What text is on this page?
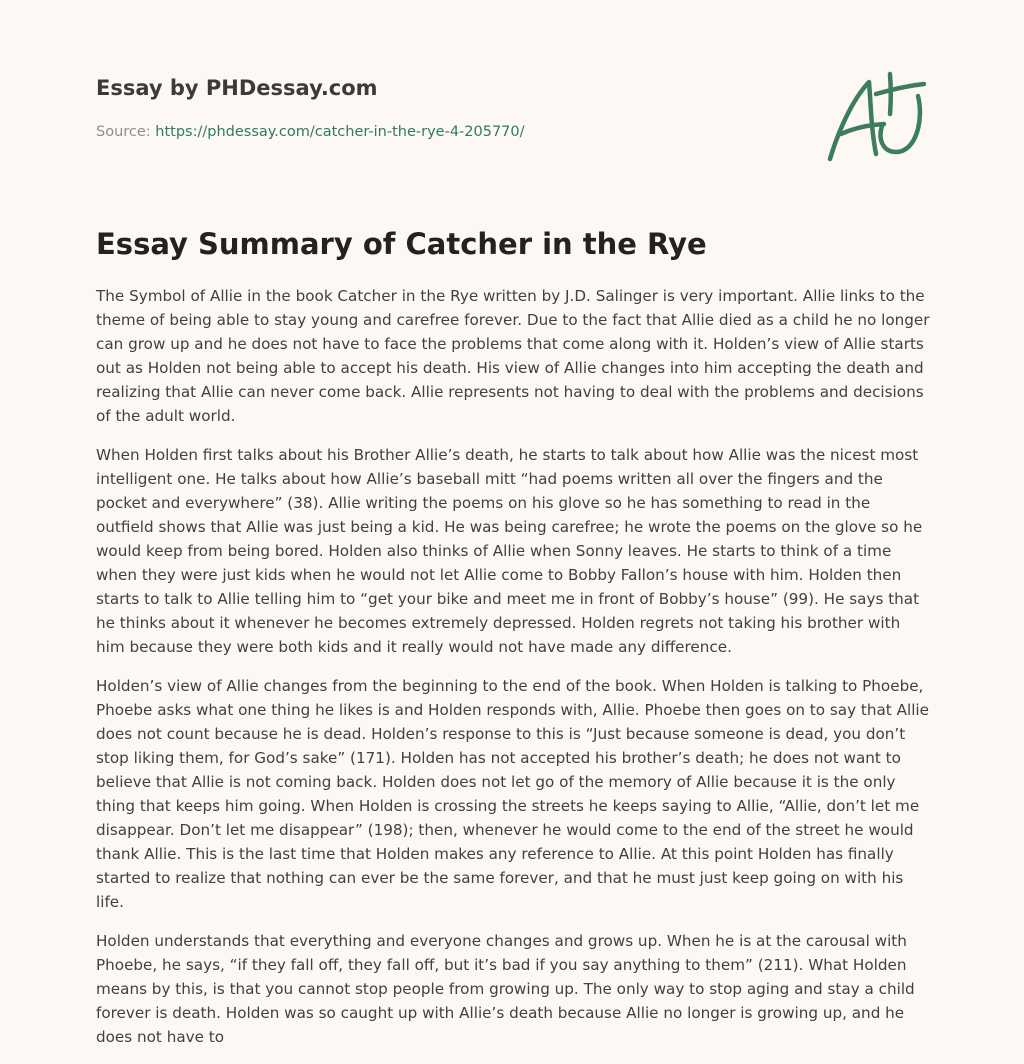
Essay by PHDessay.com
Source: https://phdessay.com/catcher-in-the-rye-4-205770/
Essay Summary of Catcher in the Rye

The Symbol of Allie in the book Catcher in the Rye written by J.D. Salinger is very important. Allie links to the theme of being able to stay young and carefree forever. Due to the fact that Allie died as a child he no longer can grow up and he does not have to face the problems that come along with it. Holden’s view of Allie starts out as Holden not being able to accept his death. His view of Allie changes into him accepting the death and realizing that Allie can never come back. Allie represents not having to deal with the problems and decisions of the adult world.

When Holden first talks about his Brother Allie’s death, he starts to talk about how Allie was the nicest most intelligent one. He talks about how Allie’s baseball mitt “had poems written all over the fingers and the pocket and everywhere” (38). Allie writing the poems on his glove so he has something to read in the outfield shows that Allie was just being a kid. He was being carefree; he wrote the poems on the glove so he would keep from being bored. Holden also thinks of Allie when Sonny leaves. He starts to think of a time when they were just kids when he would not let Allie come to Bobby Fallon’s house with him. Holden then starts to talk to Allie telling him to “get your bike and meet me in front of Bobby’s house” (99). He says that he thinks about it whenever he becomes extremely depressed. Holden regrets not taking his brother with him because they were both kids and it really would not have made any difference.

Holden’s view of Allie changes from the beginning to the end of the book. When Holden is talking to Phoebe, Phoebe asks what one thing he likes is and Holden responds with, Allie. Phoebe then goes on to say that Allie does not count because he is dead. Holden’s response to this is “Just because someone is dead, you don’t stop liking them, for God’s sake” (171). Holden has not accepted his brother’s death; he does not want to believe that Allie is not coming back. Holden does not let go of the memory of Allie because it is the only thing that keeps him going. When Holden is crossing the streets he keeps saying to Allie, “Allie, don’t let me disappear. Don’t let me disappear” (198); then, whenever he would come to the end of the street he would thank Allie. This is the last time that Holden makes any reference to Allie. At this point Holden has finally started to realize that nothing can ever be the same forever, and that he must just keep going on with his life.

Holden understands that everything and everyone changes and grows up. When he is at the carousal with Phoebe, he says, “if they fall off, they fall off, but it’s bad if you say anything to them” (211). What Holden means by this, is that you cannot stop people from growing up. The only way to stop aging and stay a child forever is death. Holden was so caught up with Allie’s death because Allie no longer is growing up, and he does not have to
